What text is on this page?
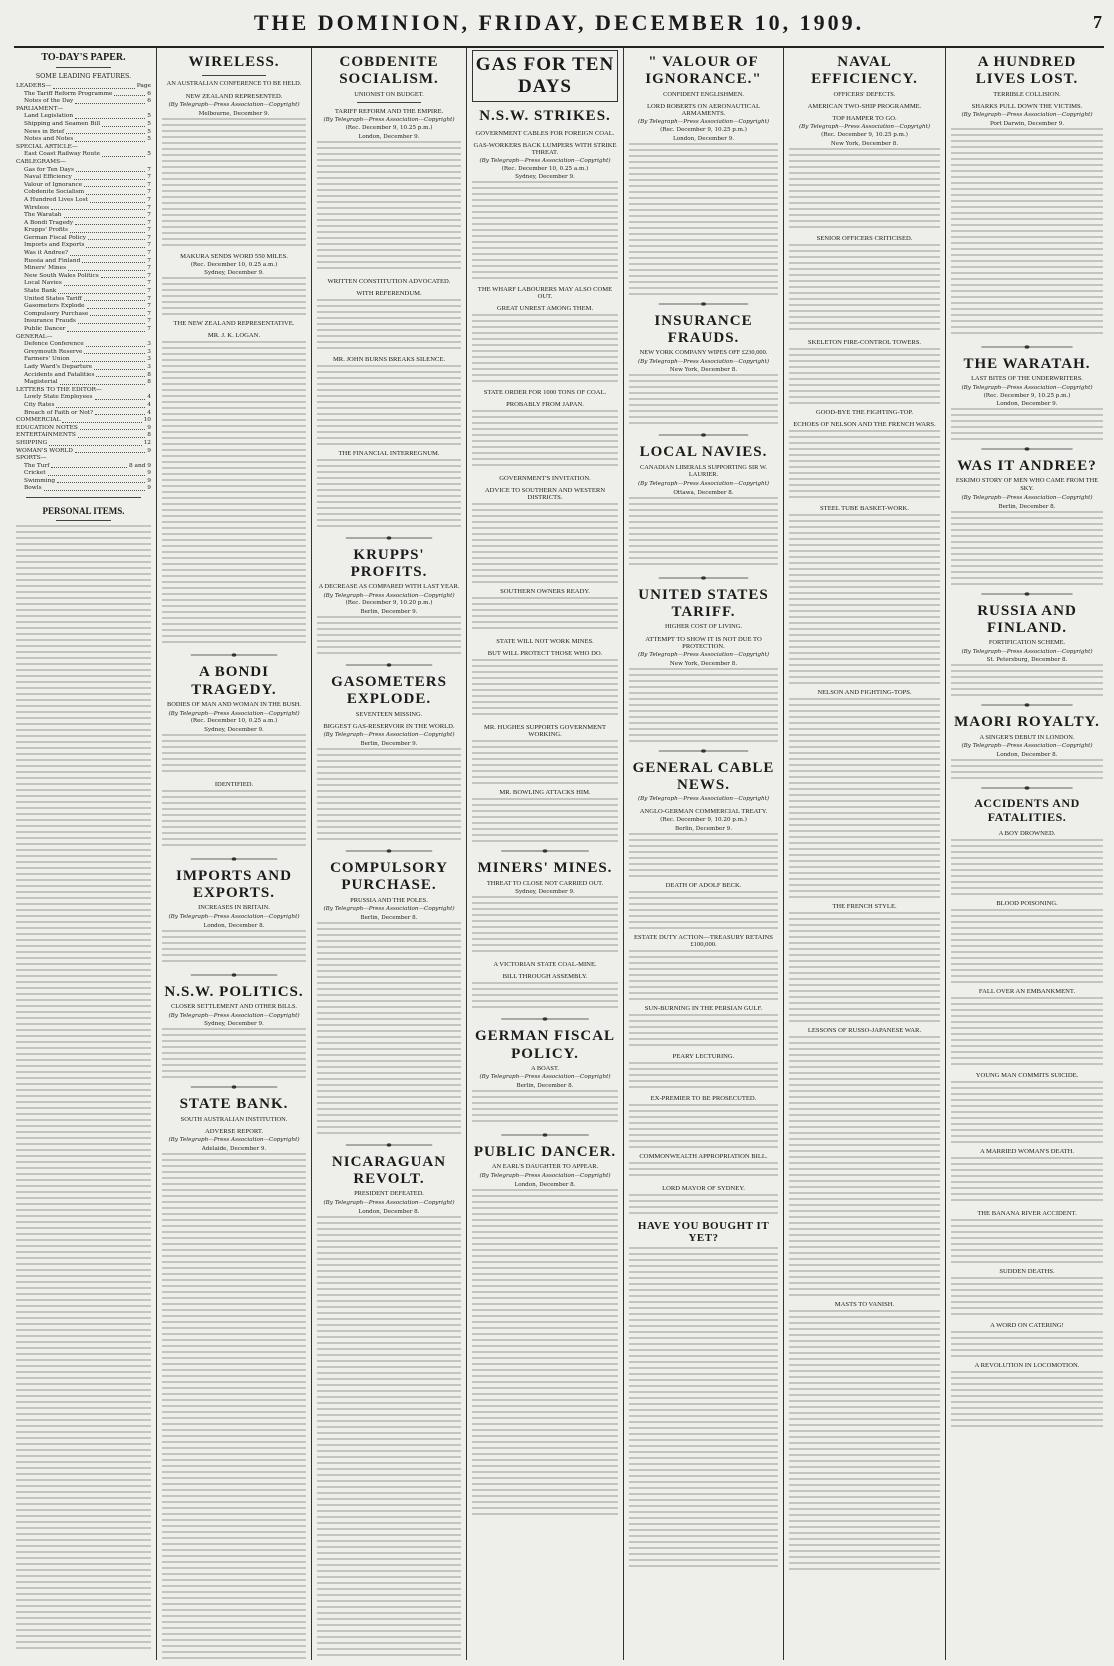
THE DOMINION, FRIDAY, DECEMBER 10, 1909.	7
TO-DAY'S PAPER.
SOME LEADING FEATURES.
LEADERS—	Page
The Tariff Reform Programme	6
Notes of the Day	6
PARLIAMENT—
Land Legislation	5
Shipping and Seamen Bill	5
News in Brief	5
Notes and Notes	5
SPECIAL ARTICLE—
East Coast Railway Route	5
CABLEGRAMS—
Gas for Ten Days	7
Naval Efficiency	7
Valour of Ignorance	7
Cobdenite Socialism	7
A Hundred Lives Lost	7
Wireless	7
The Waratah	7
A Bondi Tragedy	7
Krupps' Profits	7
German Fiscal Policy	7
Imports and Exports	7
Was it Andree?	7
Russia and Finland	7
Miners' Mines	7
New South Wales Politics	7
Local Navies	7
State Bank	7
United States Tariff	7
Gasometers Explode	7
Compulsory Purchase	7
Insurance Frauds	7
Public Dancer	7
GENERAL—
Defence Conference	3
Greymouth Reserve	3
Farmers' Union	3
Lady Ward's Departure	3
Accidents and Fatalities	8
Magisterial	8
LETTERS TO THE EDITOR—
Lowly State Employees	4
City Rates	4
Breach of Faith or Not?	4
COMMERCIAL	10
EDUCATION NOTES	9
ENTERTAINMENTS	8
SHIPPING	12
WOMAN'S WORLD	9
SPORTS—
The Turf	8 and 9
Cricket	9
Swimming	9
Bowls	9
PERSONAL ITEMS.
WIRELESS.
AN AUSTRALIAN CONFERENCE TO BE HELD.
NEW ZEALAND REPRESENTED.
(By Telegraph—Press Association—Copyright)
Melbourne, December 9.
MAKURA SENDS WORD 550 MILES.
(Rec. December 10, 0.25 a.m.)
Sydney, December 9.
THE NEW ZEALAND REPRESENTATIVE.
MR. J. K. LOGAN.
A BONDI TRAGEDY.
BODIES OF MAN AND WOMAN IN THE BUSH.
(By Telegraph—Press Association—Copyright)
(Rec. December 10, 0.25 a.m.)
Sydney, December 9.
IDENTIFIED.
IMPORTS AND EXPORTS.
INCREASES IN BRITAIN.
(By Telegraph—Press Association—Copyright)
London, December 8.
N.S.W. POLITICS.
CLOSER SETTLEMENT AND OTHER BILLS.
(By Telegraph—Press Association—Copyright)
Sydney, December 9.
STATE BANK.
SOUTH AUSTRALIAN INSTITUTION.
ADVERSE REPORT.
(By Telegraph—Press Association—Copyright)
Adelaide, December 9.
COBDENITE SOCIALISM.
UNIONIST ON BUDGET.
TARIFF REFORM AND THE EMPIRE.
(By Telegraph—Press Association—Copyright)
(Rec. December 9, 10.25 p.m.)
London, December 9.
WRITTEN CONSTITUTION ADVOCATED.
WITH REFERENDUM.
MR. JOHN BURNS BREAKS SILENCE.
THE FINANCIAL INTERREGNUM.
KRUPPS' PROFITS.
A DECREASE AS COMPARED WITH LAST YEAR.
(By Telegraph—Press Association—Copyright)
(Rec. December 9, 10.20 p.m.)
Berlin, December 9.
GASOMETERS EXPLODE.
SEVENTEEN MISSING.
BIGGEST GAS-RESERVOIR IN THE WORLD.
(By Telegraph—Press Association—Copyright)
Berlin, December 9.
COMPULSORY PURCHASE.
PRUSSIA AND THE POLES.
(By Telegraph—Press Association—Copyright)
Berlin, December 8.
NICARAGUAN REVOLT.
PRESIDENT DEFEATED.
(By Telegraph—Press Association—Copyright)
London, December 8.
GAS FOR TEN DAYS
N.S.W. STRIKES.
GOVERNMENT CABLES FOR FOREIGN COAL.
GAS-WORKERS BACK LUMPERS WITH STRIKE THREAT.
(By Telegraph—Press Association—Copyright)
(Rec. December 10, 0.25 a.m.)
Sydney, December 9.
THE WHARF LABOURERS MAY ALSO COME OUT.
GREAT UNREST AMONG THEM.
STATE ORDER FOR 1000 TONS OF COAL.
PROBABLY FROM JAPAN.
GOVERNMENT'S INVITATION.
ADVICE TO SOUTHERN AND WESTERN DISTRICTS.
SOUTHERN OWNERS READY.
STATE WILL NOT WORK MINES.
BUT WILL PROTECT THOSE WHO DO.
MR. HUGHES SUPPORTS GOVERNMENT WORKING.
MR. BOWLING ATTACKS HIM.
MINERS' MINES.
THREAT TO CLOSE NOT CARRIED OUT.
Sydney, December 9.
A VICTORIAN STATE COAL-MINE.
BILL THROUGH ASSEMBLY.
GERMAN FISCAL POLICY.
A BOAST.
(By Telegraph—Press Association—Copyright)
Berlin, December 8.
PUBLIC DANCER.
AN EARL'S DAUGHTER TO APPEAR.
(By Telegraph—Press Association—Copyright)
London, December 8.
" VALOUR OF IGNORANCE."
CONFIDENT ENGLISHMEN.
LORD ROBERTS ON AERONAUTICAL ARMAMENTS.
(By Telegraph—Press Association—Copyright)
(Rec. December 9, 10.25 p.m.)
London, December 9.
INSURANCE FRAUDS.
NEW YORK COMPANY WIPES OFF £230,000.
(By Telegraph—Press Association—Copyright)
New York, December 8.
LOCAL NAVIES.
CANADIAN LIBERALS SUPPORTING SIR W. LAURIER.
(By Telegraph—Press Association—Copyright)
Ottawa, December 8.
UNITED STATES TARIFF.
HIGHER COST OF LIVING.
ATTEMPT TO SHOW IT IS NOT DUE TO PROTECTION.
(By Telegraph—Press Association—Copyright)
New York, December 8.
GENERAL CABLE NEWS.
(By Telegraph—Press Association—Copyright)
ANGLO-GERMAN COMMERCIAL TREATY.
(Rec. December 9, 10.20 p.m.)
Berlin, December 9.
DEATH OF ADOLF BECK.
ESTATE DUTY ACTION—TREASURY RETAINS £100,000.
SUN-BURNING IN THE PERSIAN GULF.
PEARY LECTURING.
EX-PREMIER TO BE PROSECUTED.
COMMONWEALTH APPROPRIATION BILL.
LORD MAYOR OF SYDNEY.
HAVE YOU BOUGHT IT YET?
NAVAL EFFICIENCY.
OFFICERS' DEFECTS.
AMERICAN TWO-SHIP PROGRAMME.
TOP HAMPER TO GO.
(By Telegraph—Press Association—Copyright)
(Rec. December 9, 10.25 p.m.)
New York, December 8.
SENIOR OFFICERS CRITICISED.
SKELETON FIRE-CONTROL TOWERS.
GOOD-BYE THE FIGHTING-TOP.
ECHOES OF NELSON AND THE FRENCH WARS.
STEEL TUBE BASKET-WORK.
NELSON AND FIGHTING-TOPS.
THE FRENCH STYLE.
LESSONS OF RUSSO-JAPANESE WAR.
MASTS TO VANISH.
A HUNDRED LIVES LOST.
TERRIBLE COLLISION.
SHARKS PULL DOWN THE VICTIMS.
(By Telegraph—Press Association—Copyright)
Port Darwin, December 9.
THE WARATAH.
LAST BITES OF THE UNDERWRITERS.
(By Telegraph—Press Association—Copyright)
(Rec. December 9, 10.25 p.m.)
London, December 9.
WAS IT ANDREE?
ESKIMO STORY OF MEN WHO CAME FROM THE SKY.
(By Telegraph—Press Association—Copyright)
Berlin, December 8.
RUSSIA AND FINLAND.
FORTIFICATION SCHEME.
(By Telegraph—Press Association—Copyright)
St. Petersburg, December 8.
MAORI ROYALTY.
A SINGER'S DEBUT IN LONDON.
(By Telegraph—Press Association—Copyright)
London, December 8.
ACCIDENTS AND FATALITIES.
A BOY DROWNED.
BLOOD POISONING.
FALL OVER AN EMBANKMENT.
YOUNG MAN COMMITS SUICIDE.
A MARRIED WOMAN'S DEATH.
THE BANANA RIVER ACCIDENT.
SUDDEN DEATHS.
A WORD ON CATERING!
A REVOLUTION IN LOCOMOTION.
